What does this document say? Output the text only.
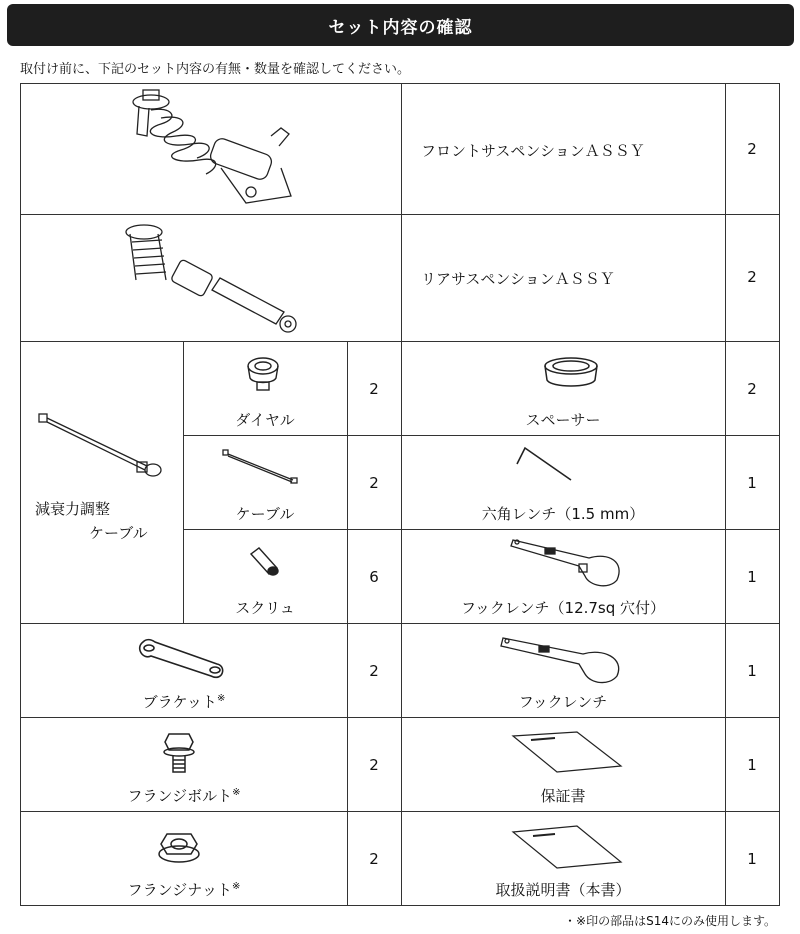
セット内容の確認
取付け前に、下記のセット内容の有無・数量を確認してください。
フロントサスペンションＡＳＳＹ	2
リアサスペンションＡＳＳＹ	2
減衰力調整
ケーブル
ダイヤル
2
ケーブル
2
スクリュ
6
スペーサー
2
六角レンチ（1.5 mm）
1
フックレンチ（12.7sq 穴付）
1
ブラケット※
2
フックレンチ
1
フランジボルト※
2
保証書
1
フランジナット※
2
取扱説明書（本書）
1
・※印の部品はS14にのみ使用します。
